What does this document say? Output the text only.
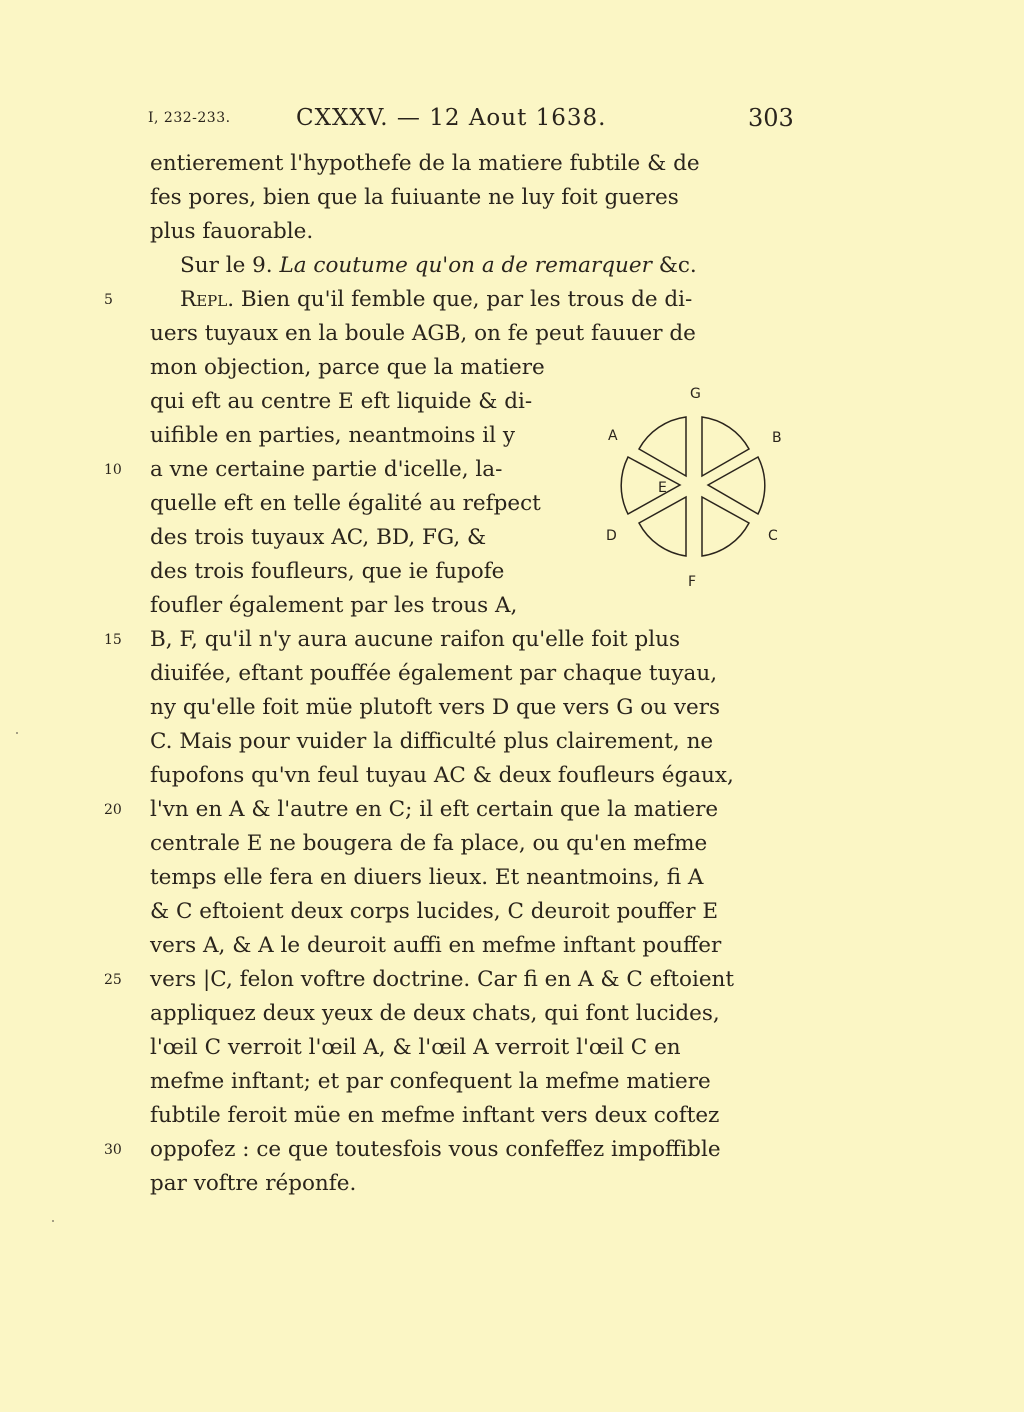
I, 232-233.	CXXXV. — 12 Aout 1638.	303
entierement l'hypothefe de la matiere fubtile & de
fes pores, bien que la fuiuante ne luy foit gueres
plus fauorable.
Sur le 9. La coutume qu'on a de remarquer &c.
Repl. Bien qu'il femble que, par les trous de di-
uers tuyaux en la boule AGB, on fe peut fauuer de
mon objection, parce que la matiere
qui eft au centre E eft liquide & di-
uifible en parties, neantmoins il y
a vne certaine partie d'icelle, la-
quelle eft en telle égalité au refpect
des trois tuyaux AC, BD, FG, &
des trois foufleurs, que ie fupofe
foufler également par les trous A,
B, F, qu'il n'y aura aucune raifon qu'elle foit plus
diuifée, eftant pouffée également par chaque tuyau,
ny qu'elle foit müe plutoft vers D que vers G ou vers
C. Mais pour vuider la difficulté plus clairement, ne
fupofons qu'vn feul tuyau AC & deux foufleurs égaux,
l'vn en A & l'autre en C; il eft certain que la matiere
centrale E ne bougera de fa place, ou qu'en mefme
temps elle fera en diuers lieux. Et neantmoins, fi A
& C eftoient deux corps lucides, C deuroit pouffer E
vers A, & A le deuroit auffi en mefme inftant pouffer
vers |C, felon voftre doctrine. Car fi en A & C eftoient
appliquez deux yeux de deux chats, qui font lucides,
l'œil C verroit l'œil A, & l'œil A verroit l'œil C en
mefme inftant; et par confequent la mefme matiere
fubtile feroit müe en mefme inftant vers deux coftez
oppofez : ce que toutesfois vous confeffez impoffible
par voftre réponfe.
5
10
15
20
25
30
G
A	B
E
D	C
F
